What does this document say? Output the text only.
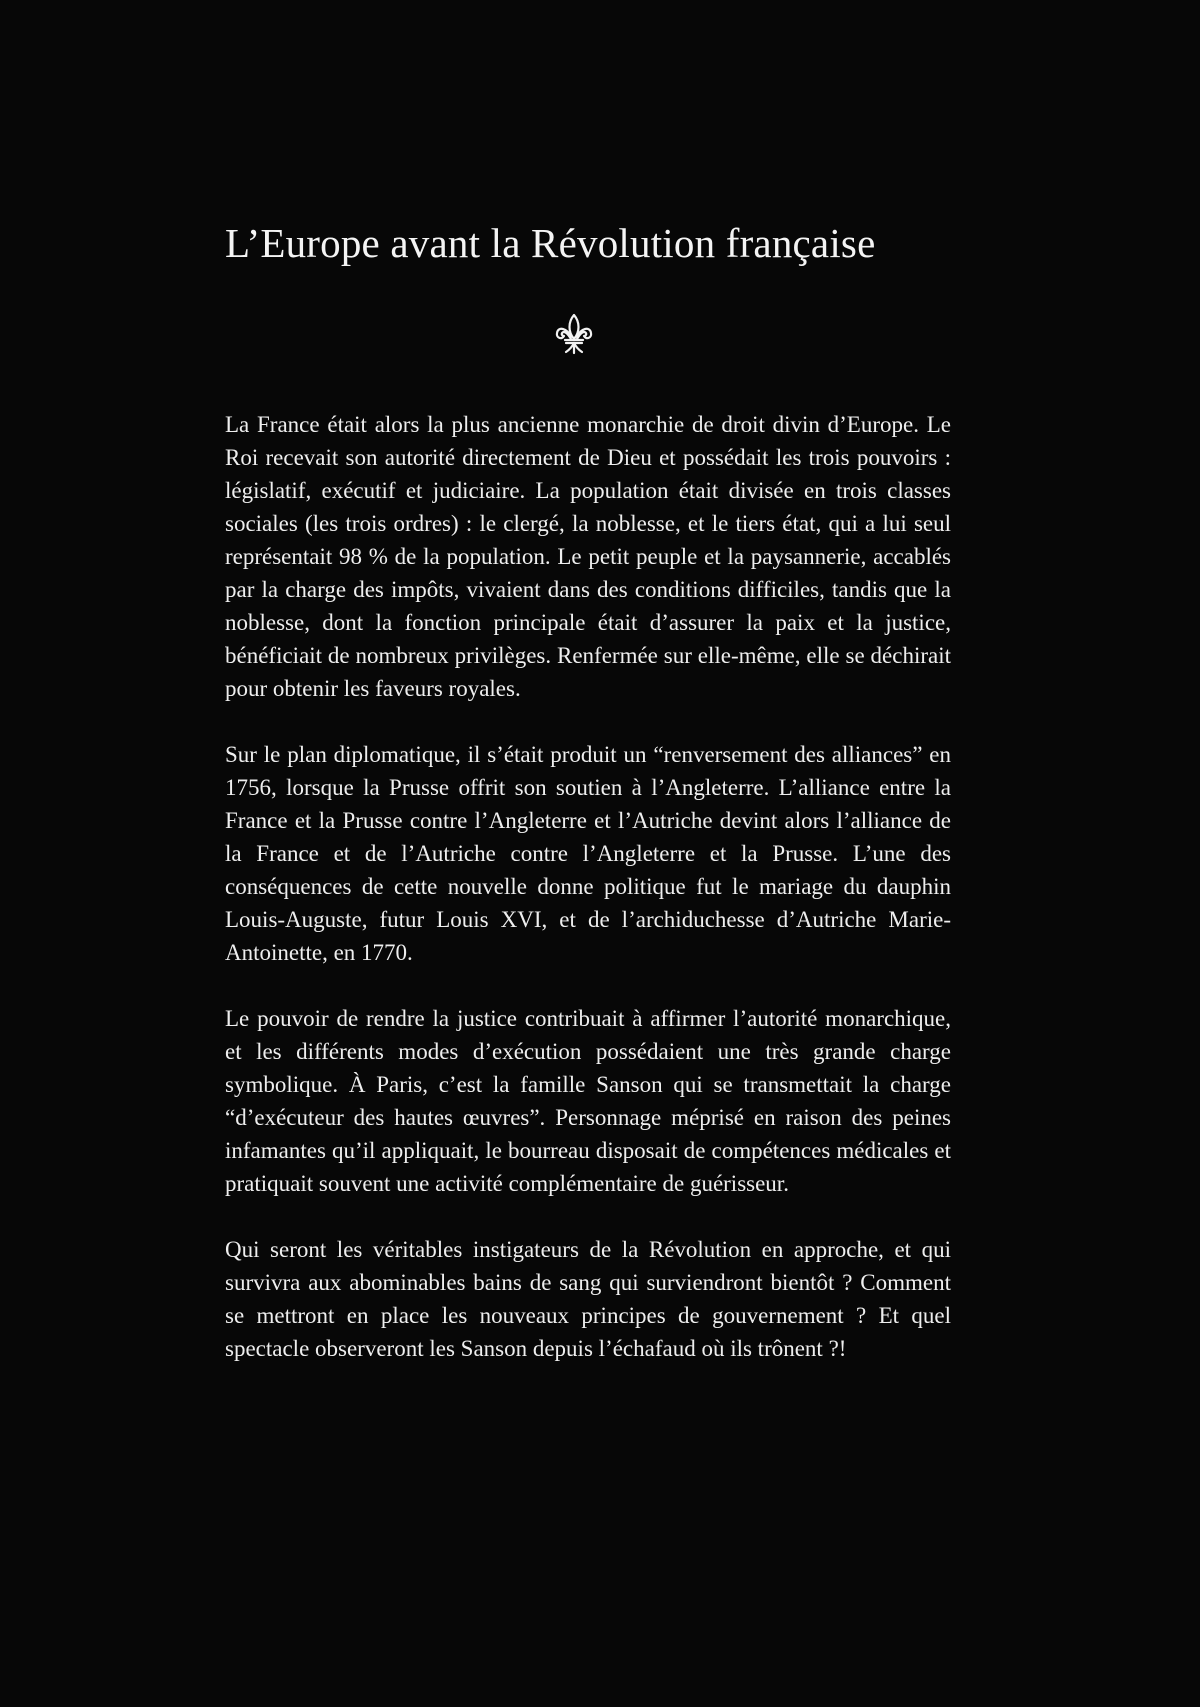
L’Europe avant la Révolution française

La France était alors la plus ancienne monarchie de droit divin d’Europe. Le Roi recevait son autorité directement de Dieu et possédait les trois pouvoirs : législatif, exécutif et judiciaire. La population était divisée en trois classes sociales (les trois ordres) : le clergé, la noblesse, et le tiers état, qui a lui seul représentait 98 % de la population. Le petit peuple et la paysannerie, accablés par la charge des impôts, vivaient dans des conditions difficiles, tandis que la noblesse, dont la fonction principale était d’assurer la paix et la justice, bénéficiait de nombreux privilèges. Renfermée sur elle-même, elle se déchirait pour obtenir les faveurs royales.

Sur le plan diplomatique, il s’était produit un “renversement des alliances” en 1756, lorsque la Prusse offrit son soutien à l’Angleterre. L’alliance entre la France et la Prusse contre l’Angleterre et l’Autriche devint alors l’alliance de la France et de l’Autriche contre l’Angleterre et la Prusse. L’une des conséquences de cette nouvelle donne politique fut le mariage du dauphin Louis-Auguste, futur Louis XVI, et de l’archiduchesse d’Autriche Marie-Antoinette, en 1770.

Le pouvoir de rendre la justice contribuait à affirmer l’autorité monarchique, et les différents modes d’exécution possédaient une très grande charge symbolique. À Paris, c’est la famille Sanson qui se transmettait la charge “d’exécuteur des hautes œuvres”. Personnage méprisé en raison des peines infamantes qu’il appliquait, le bourreau disposait de compétences médicales et pratiquait souvent une activité complémentaire de guérisseur.

Qui seront les véritables instigateurs de la Révolution en approche, et qui survivra aux abominables bains de sang qui surviendront bientôt ? Comment se mettront en place les nouveaux principes de gouvernement ? Et quel spectacle observeront les Sanson depuis l’échafaud où ils trônent ?!
